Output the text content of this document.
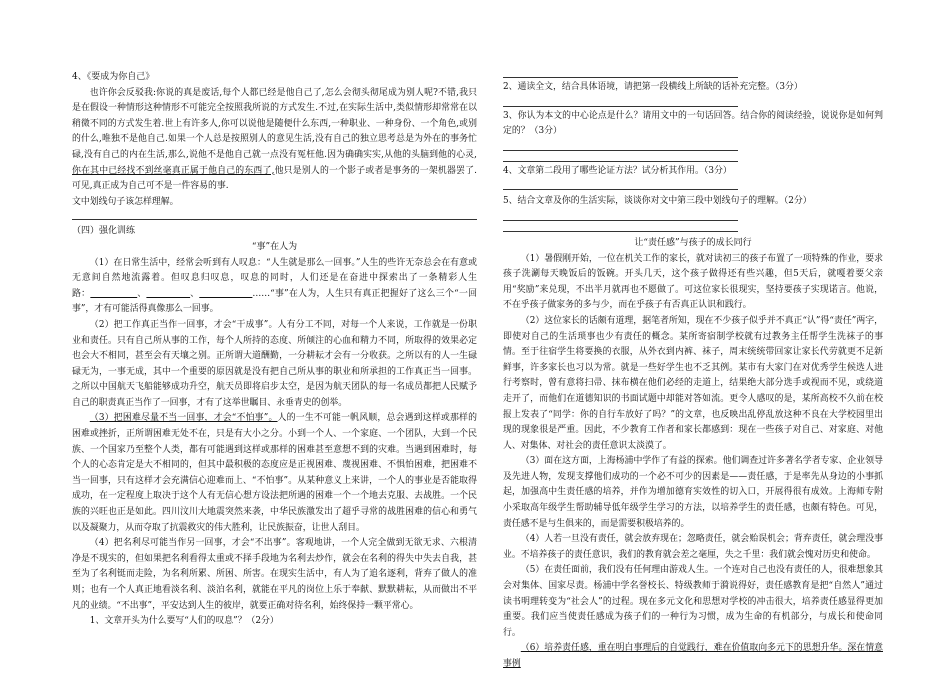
4、《要成为你自己》

也许你会反驳我:你说的真是废话,每个人都已经是他自己了,怎么会彻头彻尾成为别人呢?不错,我只是在假设一种情形这种情形不可能完全按照我所说的方式发生.不过,在实际生活中,类似情形却常常在以稍微不同的方式发生着.世上有许多人,你可以说他是随便什么东西,一种职业、一种身份、一个角色,或别的什么,唯独不是他自己.如果一个人总是按照别人的意见生活,没有自己的独立思考总是为外在的事务忙碌,没有自己的内在生活,那么,说他不是他自己就一点没有冤枉他.因为确确实实,从他的头脑到他的心灵,你在其中已经找不到丝毫真正属于他自己的东西了,他只是别人的一个影子或者是事务的一架机器罢了.可见,真正成为自己可不是一件容易的事.

文中划线句子该怎样理解。

（四）强化训练

“事”在人为

（1）在日常生活中，经常会听到有人叹息：“人生就是那么一回事。”人生的些许无奈总会在有意或无意间自然地流露着。但叹息归叹息，叹息的同时，人们还是在奋进中探索出了一条精彩人生路：	、	、	……“事”在人为，人生只有真正把握好了这么三个“一回事”，才有可能活得真像那么一回事。

（2）把工作真正当作一回事，才会“干成事”。人有分工不同，对每一个人来说，工作就是一份职业和责任。只有自己所从事的工作，每个人所持的态度、所倾注的心血和精力不同，所取得的效果必定也会大不相同，甚至会有天壤之别。正所谓大道酬勤，一分耕耘才会有一分收获。之所以有的人一生碌碌无为，一事无成，其中一个重要的原因就是没有把自己所从事的职业和所承担的工作真正当一回事。之所以中国航天飞船能够成功升空，航天员即将启步太空，是因为航天团队的每一名成员都把人民赋予自己的职责真正当作了一回事，才有了这举世瞩目、永垂青史的创举。

（3）把困难尽量不当一回事，才会“不怕事”。人的一生不可能一帆风顺，总会遇到这样或那样的困难或挫折，正所谓困难无处不在，只是有大小之分。小到一个人、一个家庭、一个团队，大到一个民族、一个国家乃至整个人类，都有可能遇到这样或那样的困难甚至意想不到的灾难。当遇到困难时，每个人的心态肯定是大不相同的，但其中最积极的态度应是正视困难、蔑视困难、不惧怕困难，把困难不当一回事，只有这样才会充满信心迎难而上、“不怕事”。从某种意义上来讲，一个人的事业是否能取得成功，在一定程度上取决于这个人有无信心想方设法把所遇的困难一个一个地去克服、去战胜。一个民族的兴旺也正是如此。四川汶川大地震突然来袭，中华民族激发出了超乎寻常的战胜困难的信心和勇气以及凝聚力，从而夺取了抗震救灾的伟大胜利，让民族振奋，让世人刮目。

（4）把名利尽可能当作另一回事，才会“不出事”。客观地讲，一个人完全做到无欲无求、六根清净是不现实的，但如果把名利看得太重或不择手段地为名利去炒作，就会在名利的得失中失去自我，甚至为了名利铤而走险，为名利所累、所困、所害。在现实生活中，有人为了追名逐利，背弃了做人的准则；也有一个人真正地看淡名利、淡泊名利，就能在平凡的岗位上乐于奉献、默默耕耘，从而做出不平凡的业绩。“不出事”，平安达到人生的彼岸，就要正确对待名利，始终保持一颗平常心。

1、文章开头为什么要写“人们的叹息”？（2分）

2、通读全文，结合具体语境，请把第一段横线上所缺的话补充完整。（3分）

3、你认为本文的中心论点是什么？请用文中的一句话回答。结合你的阅读经验，说说你是如何判定的？（3分）

4、文章第二段用了哪些论证方法？试分析其作用。（3分）

5、结合文章及你的生活实际，谈谈你对文中第三段中划线句子的理解。（2分）

让“责任感”与孩子的成长同行

（1）暑假刚开始，一位在机关工作的家长，就对读初三的孩子布置了一项特殊的作业，要求孩子洗涮每天晚饭后的饭碗。开头几天，这个孩子做得还有些兴趣，但5天后，就嘎着要父亲用“奖励”来兑现，不出半月就再也不愿做了。可这位家长很现实，坚持要孩子实现诺言。他说，不在乎孩子做家务的多与少，而在乎孩子有否真正认识和践行。

（2）这位家长的话颇有道理，据笔者所知，现在不少孩子似乎并不真正“认”得“责任”两字，即使对自己的生活琐事也少有责任的概念。某所寄宿制学校就有过教务主任帮学生洗袜子的事情。至于往宿学生将要换的衣服，从外衣到内裤、袜子，周末统统带回家让家长代劳就更不足新鲜事，许多家长也习以为常。就是一些好学生也不乏其例。某市有大家门在对优秀学生候选人进行考察时，曾有意将扫帚、抹布横在他们必经的走道上，结果绝大部分选手或视而不见，或绕道走开了，而他们在道德知识的书面试题中却能对答如流。更令人感叹的是，某所高校不久前在校报上发表了“同学：你的自行车放好了吗？”的文章，也反映出乱停乱放这种不良在大学校园里出现的现象很是严重。因此，不少教育工作者和家长都感到：现在一些孩子对自己、对家庭、对他人、对集体、对社会的责任意识太淡漠了。

（3）面在这方面，上海杨浦中学作了有益的探索。他们调查过许多著名学者专家、企业领导及先进人物，发现支撑他们成功的一个必不可少的因素是——责任感，于是率先从身边的小事抓起，加强高中生责任感的培养，并作为增加德育实效性的切入口，开展得很有成效。上海师专附小采取高年级学生帮助辅导低年级学生学习的方法，以培养学生的责任感，也颇有特色。可见，责任感不是与生俱来的，而是需要积极培养的。

（4）人若一旦没有责任，就会放弃现在；忽略责任，就会贻误机会；背弃责任，就会理没事业。不培养孩子的责任意识，我们的教育就会差之毫厘，失之千里：我们就会愧对历史和使命。

（5）在责任面前，我们没有任何理由游戏人生。一个连对自己也没有责任的人，很难想象其会对集体、国家尽责。杨浦中学名誉校长、特级教师于漪说得好，责任感教育是把“自然人”通过读书明理转变为“社会人”的过程。现在多元文化和思想对学校的冲击很大，培养责任感显得更加重要。我们应当使责任感成为孩子们的一种行为习惯，成为生命的有机部分，与成长和使命同行。

（6）培养责任感，重在明白事理后的自觉践行，难在价值取向多元下的思想升华。深在情意事例
